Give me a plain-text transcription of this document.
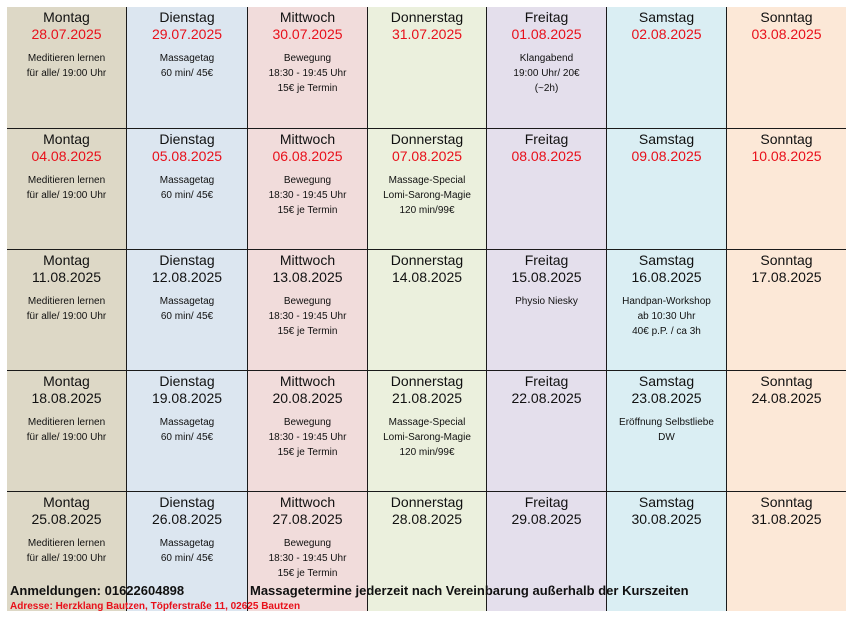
Montag
28.07.2025
Meditieren lernen
für alle/ 19:00 Uhr
Dienstag
29.07.2025
Massagetag
60 min/ 45€
Mittwoch
30.07.2025
Bewegung
18:30 - 19:45 Uhr
15€ je Termin
Donnerstag
31.07.2025
Freitag
01.08.2025
Klangabend
19:00 Uhr/ 20€
(~2h)
Samstag
02.08.2025
Sonntag
03.08.2025
Montag
04.08.2025
Meditieren lernen
für alle/ 19:00 Uhr
Dienstag
05.08.2025
Massagetag
60 min/ 45€
Mittwoch
06.08.2025
Bewegung
18:30 - 19:45 Uhr
15€ je Termin
Donnerstag
07.08.2025
Massage-Special
Lomi-Sarong-Magie
120 min/99€
Freitag
08.08.2025
Samstag
09.08.2025
Sonntag
10.08.2025
Montag
11.08.2025
Meditieren lernen
für alle/ 19:00 Uhr
Dienstag
12.08.2025
Massagetag
60 min/ 45€
Mittwoch
13.08.2025
Bewegung
18:30 - 19:45 Uhr
15€ je Termin
Donnerstag
14.08.2025
Freitag
15.08.2025
Physio Niesky
Samstag
16.08.2025
Handpan-Workshop
ab 10:30 Uhr
40€ p.P. / ca 3h
Sonntag
17.08.2025
Montag
18.08.2025
Meditieren lernen
für alle/ 19:00 Uhr
Dienstag
19.08.2025
Massagetag
60 min/ 45€
Mittwoch
20.08.2025
Bewegung
18:30 - 19:45 Uhr
15€ je Termin
Donnerstag
21.08.2025
Massage-Special
Lomi-Sarong-Magie
120 min/99€
Freitag
22.08.2025
Samstag
23.08.2025
Eröffnung Selbstliebe
DW
Sonntag
24.08.2025
Montag
25.08.2025
Meditieren lernen
für alle/ 19:00 Uhr
Dienstag
26.08.2025
Massagetag
60 min/ 45€
Mittwoch
27.08.2025
Bewegung
18:30 - 19:45 Uhr
15€ je Termin
Donnerstag
28.08.2025
Freitag
29.08.2025
Samstag
30.08.2025
Sonntag
31.08.2025
Anmeldungen: 01622604898	Massagetermine jederzeit nach Vereinbarung außerhalb der Kurszeiten
Adresse: Herzklang Bautzen, Töpferstraße 11, 02625 Bautzen
